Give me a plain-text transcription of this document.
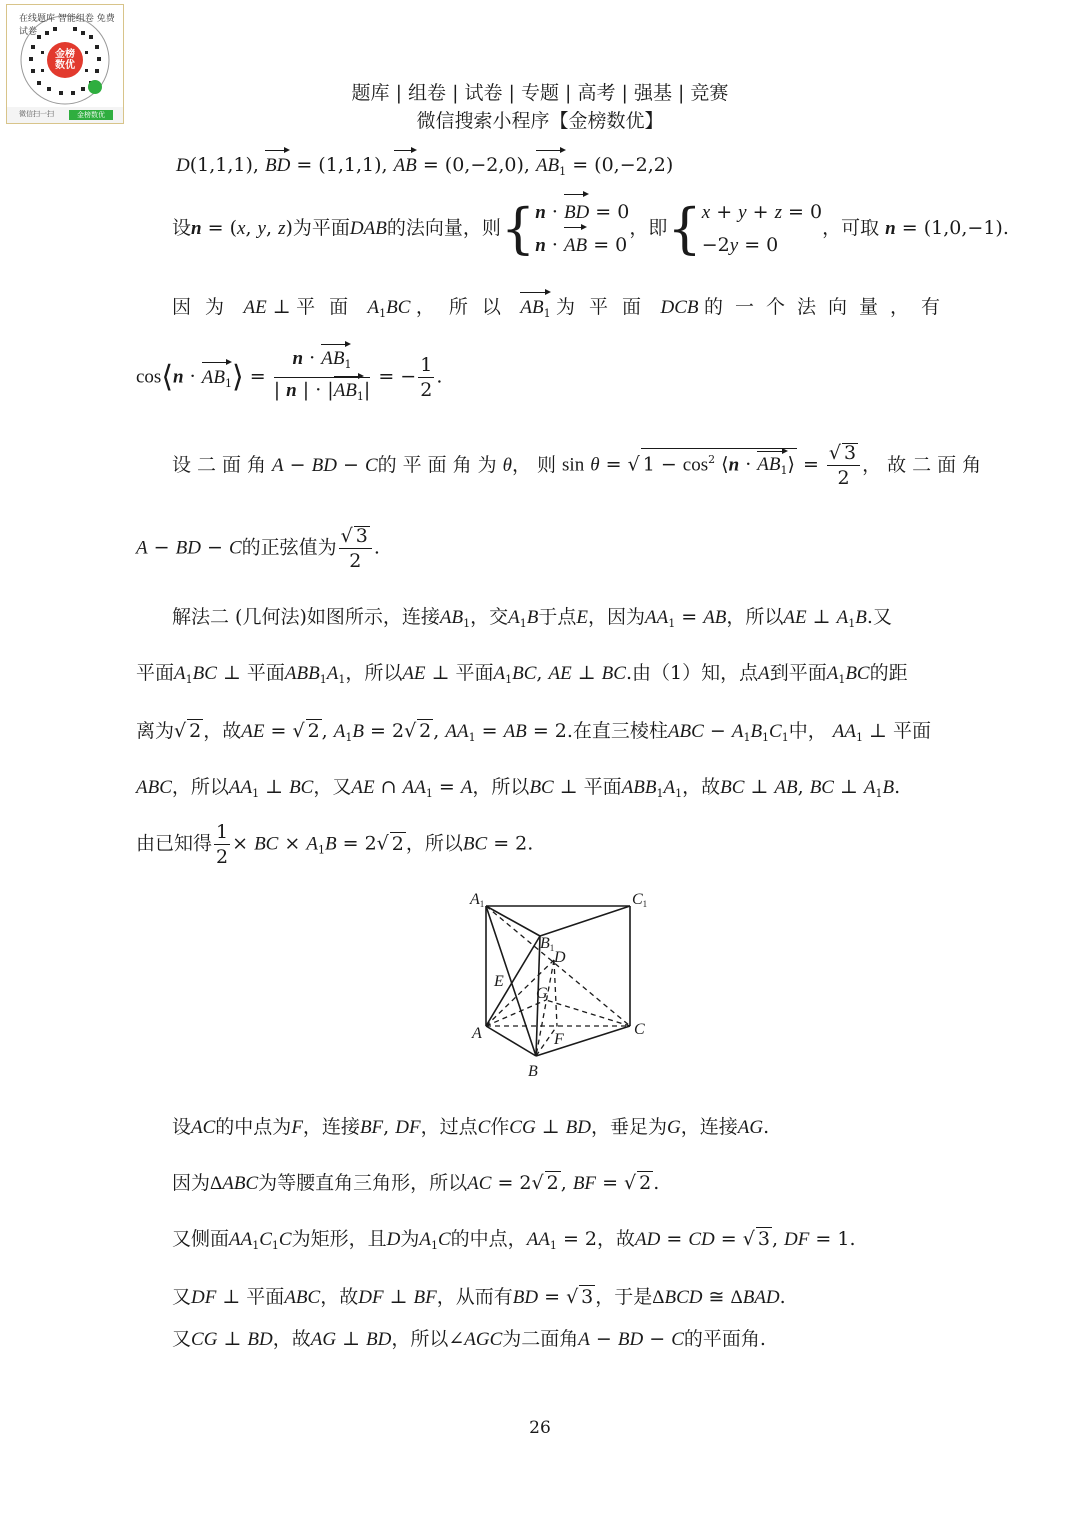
在线题库 智能组卷 免费试卷
金榜
数优
微信扫一扫	金榜数优
题库 | 组卷 | 试卷 | 专题 | 高考 | 强基 | 竞赛
微信搜索小程序【金榜数优】
D(1,1,1), BD = (1,1,1), AB = (0,−2,0), $AB_1 = (0,-2,2)$
设n = (x, y, z)为平面DAB的法向量，则{ n · BD = 0
n · AB = 0
，即{ x + y + z = 0
−2y = 0
，可取 n = (1,0,−1).
因为 AE ⊥ 平面 $A_1BC$ ，所以 $AB_1$ 为平面 DCB 的一个法向量，有
cos⟨n · $AB_1⟩ = \frac{n \cdot AB_1}{| n | \cdot |AB_1|}$ = − $\frac{1}{2}$ .
设二面角 A − BD − C 的平面角为 θ ，则 sin θ = √ $1 - \cos^2$ ⟨n · $AB_1⟩ = \frac{√ 3}{2}$ ，故二面角
A − BD − C的正弦值为 $\frac{√ 3}{2}$ .
解法二 (几何法)如图所示，连接$AB_1$，交$A_1B$于点E，因为$AA_1$ = AB，所以AE ⊥ $A_1B$.又
平面$A_1BC$ ⊥ 平面$ABB_1A_1$，所以AE ⊥ 平面$A_1BC$, AE ⊥ BC.由（1）知，点A到平面$A_1BC$的距
离为√ 2 ，故AE = √ 2 , $A_1B = 2√$ 2 , $AA_1$ = AB = 2.在直三棱柱ABC − $A_1B_1C_1$中， $AA_1$ ⊥ 平面
ABC，所以$AA_1$ ⊥ BC，又AE ∩ $AA_1 = A$，所以BC ⊥ 平面$ABB_1A_1$，故BC ⊥ AB, BC ⊥ $A_1B$.
由已知得 $\frac{1}{2}$ × BC × $A_1B = 2√$ 2 ，所以BC = 2.
A1	C1
B1
D
E
G
A	C
F
B
设AC的中点为F，连接BF, DF，过点C作CG ⊥ BD，垂足为G，连接AG.
因为ΔABC为等腰直角三角形，所以AC = 2√ 2 , BF = √ 2 .
又侧面$AA_1C_1C$为矩形，且D为$A_1C$的中点，$AA_1 = 2$，故AD = CD = √ 3 , DF = 1.
又DF ⊥ 平面ABC，故DF ⊥ BF，从而有BD = √ 3 ，于是ΔBCD ≅ ΔBAD.
又CG ⊥ BD，故AG ⊥ BD，所以∠AGC为二面角A − BD − C的平面角.
26
